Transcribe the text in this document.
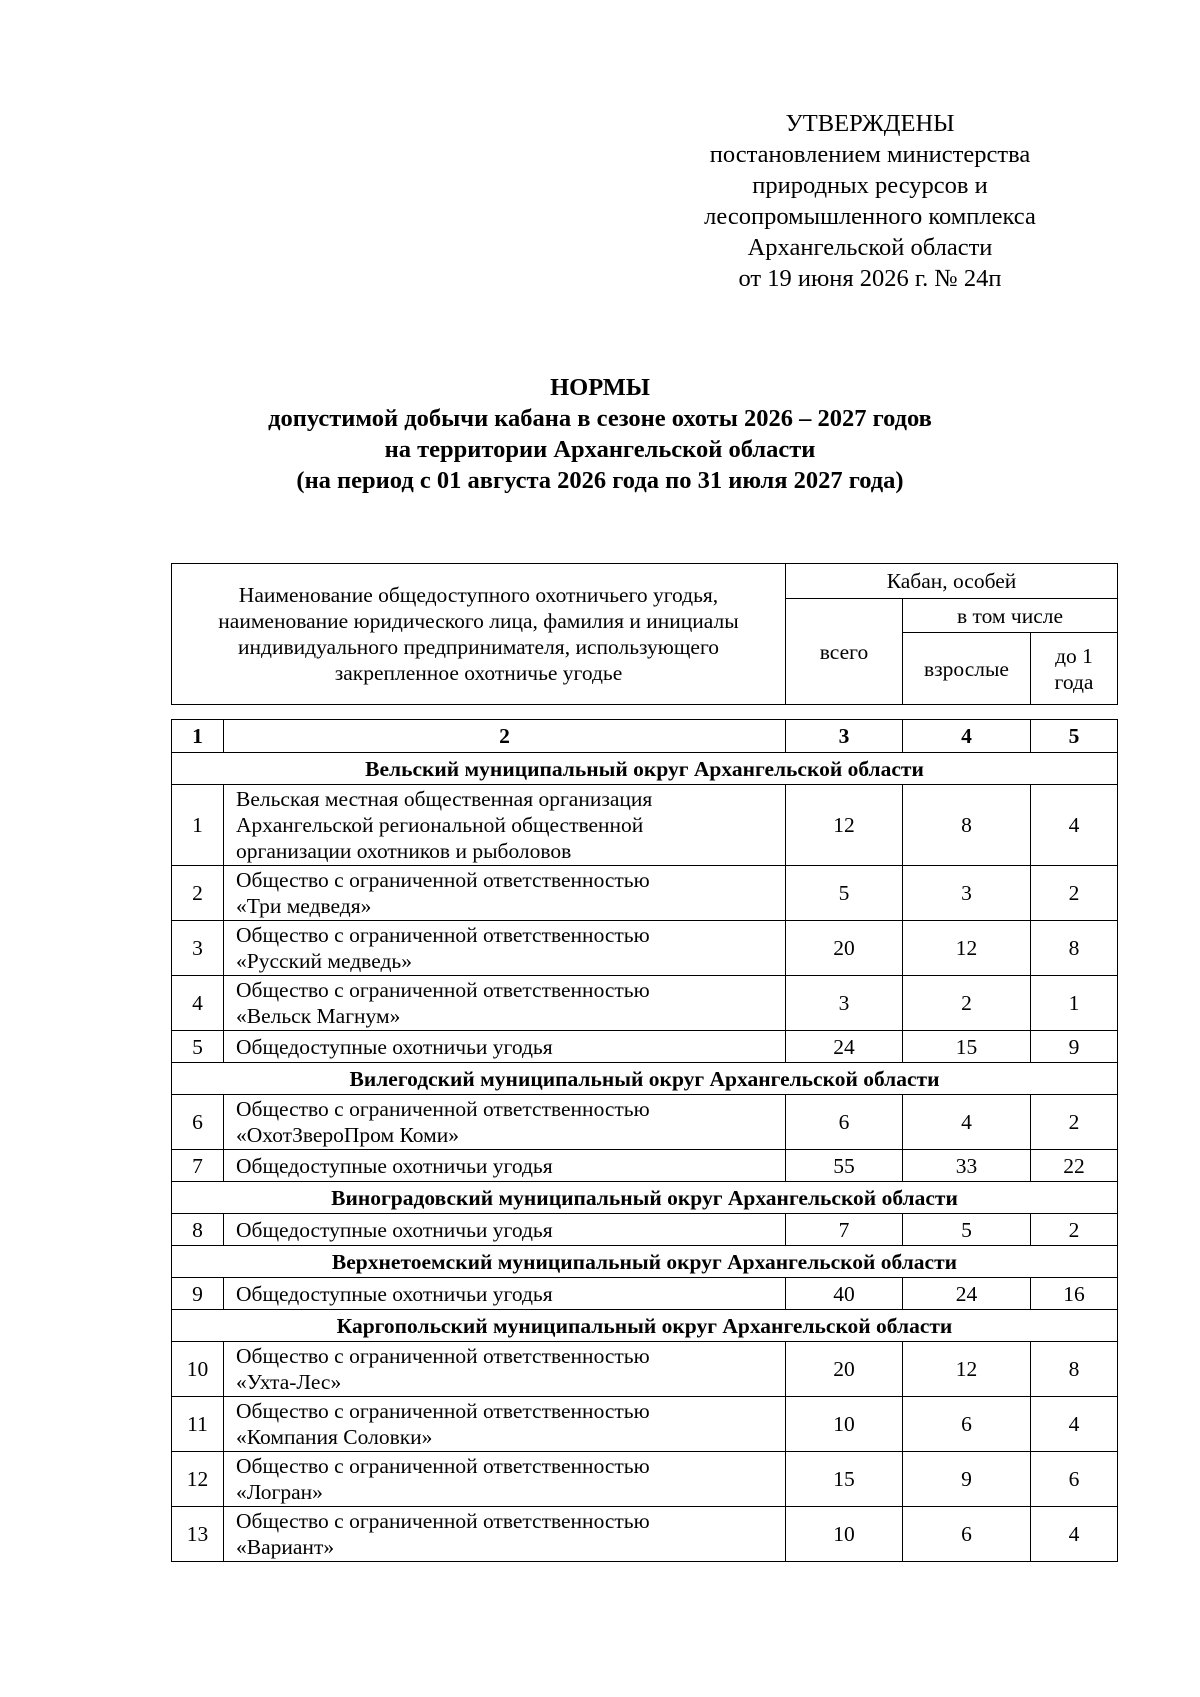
УТВЕРЖДЕНЫ
постановлением министерства
природных ресурсов и
лесопромышленного комплекса
Архангельской области
от 19 июня 2026 г. № 24п
НОРМЫ
допустимой добычи кабана в сезоне охоты 2026 – 2027 годов
на территории Архангельской области
(на период с 01 августа 2026 года по 31 июля 2027 года)
Наименование общедоступного охотничьего угодья, наименование юридического лица, фамилия и инициалы индивидуального предпринимателя, использующего закрепленное охотничье угодье	Кабан, особей		
	всего	в том числе	
		взрослые	до 1 года
1	2	3	4	5
Вельский муниципальный округ Архангельской области				
1	Вельская местная общественная организация
Архангельской региональной общественной
организации охотников и рыболовов	12	8	4
2	Общество с ограниченной ответственностью
«Три медведя»	5	3	2
3	Общество с ограниченной ответственностью
«Русский медведь»	20	12	8
4	Общество с ограниченной ответственностью
«Вельск Магнум»	3	2	1
5	Общедоступные охотничьи угодья	24	15	9
Вилегодский муниципальный округ Архангельской области				
6	Общество с ограниченной ответственностью
«ОхотЗвероПром Коми»	6	4	2
7	Общедоступные охотничьи угодья	55	33	22
Виноградовский муниципальный округ Архангельской области				
8	Общедоступные охотничьи угодья	7	5	2
Верхнетоемский муниципальный округ Архангельской области				
9	Общедоступные охотничьи угодья	40	24	16
Каргопольский муниципальный округ Архангельской области				
10	Общество с ограниченной ответственностью
«Ухта-Лес»	20	12	8
11	Общество с ограниченной ответственностью
«Компания Соловки»	10	6	4
12	Общество с ограниченной ответственностью
«Логран»	15	9	6
13	Общество с ограниченной ответственностью
«Вариант»	10	6	4
